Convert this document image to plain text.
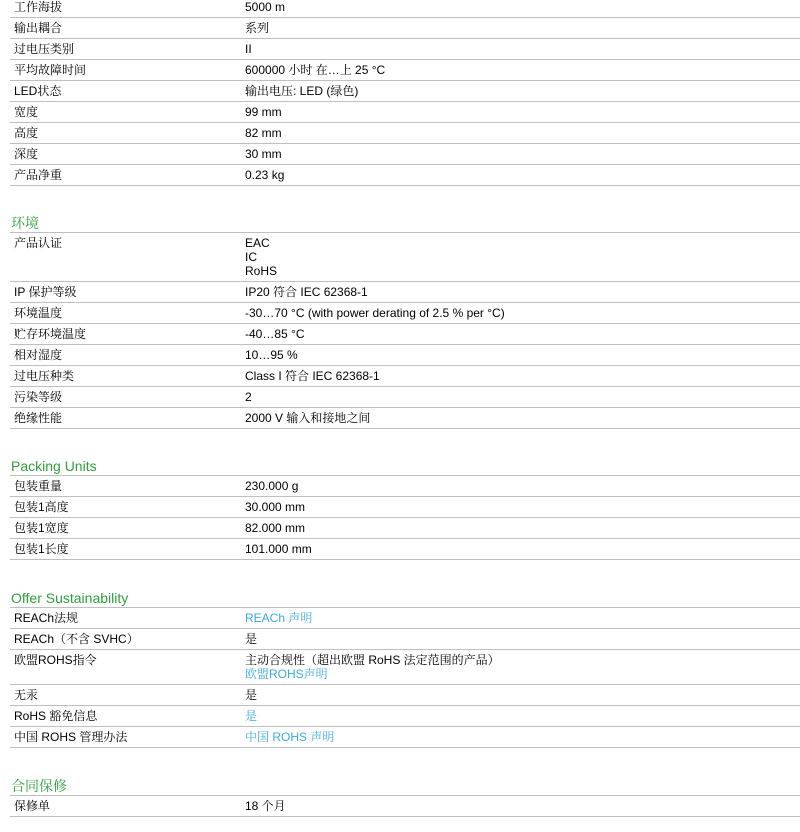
工作海拔	5000 m
输出耦合	系列
过电压类别	II
平均故障时间	600000 小时 在…上 25 °C
LED状态	输出电压: LED (绿色)
宽度	99 mm
高度	82 mm
深度	30 mm
产品净重	0.23 kg
环境
产品认证	EAC
IC
RoHS

IP 保护等级	IP20 符合 IEC 62368-1
环境温度	-30…70 °C (with power derating of 2.5 % per °C)
贮存环境温度	-40…85 °C
相对湿度	10…95 %
过电压种类	Class I 符合 IEC 62368-1
污染等级	2
绝缘性能	2000 V 输入和接地之间
Packing Units
包装重量	230.000 g
包装1高度	30.000 mm
包装1宽度	82.000 mm
包装1长度	101.000 mm
Offer Sustainability
REACh法规	REACh 声明
REACh（不含 SVHC）	是
欧盟ROHS指令	主动合规性（超出欧盟 RoHS 法定范围的产品）
欧盟ROHS声明

无汞	是
RoHS 豁免信息	是
中国 ROHS 管理办法	中国 ROHS 声明
合同保修
保修单	18 个月
